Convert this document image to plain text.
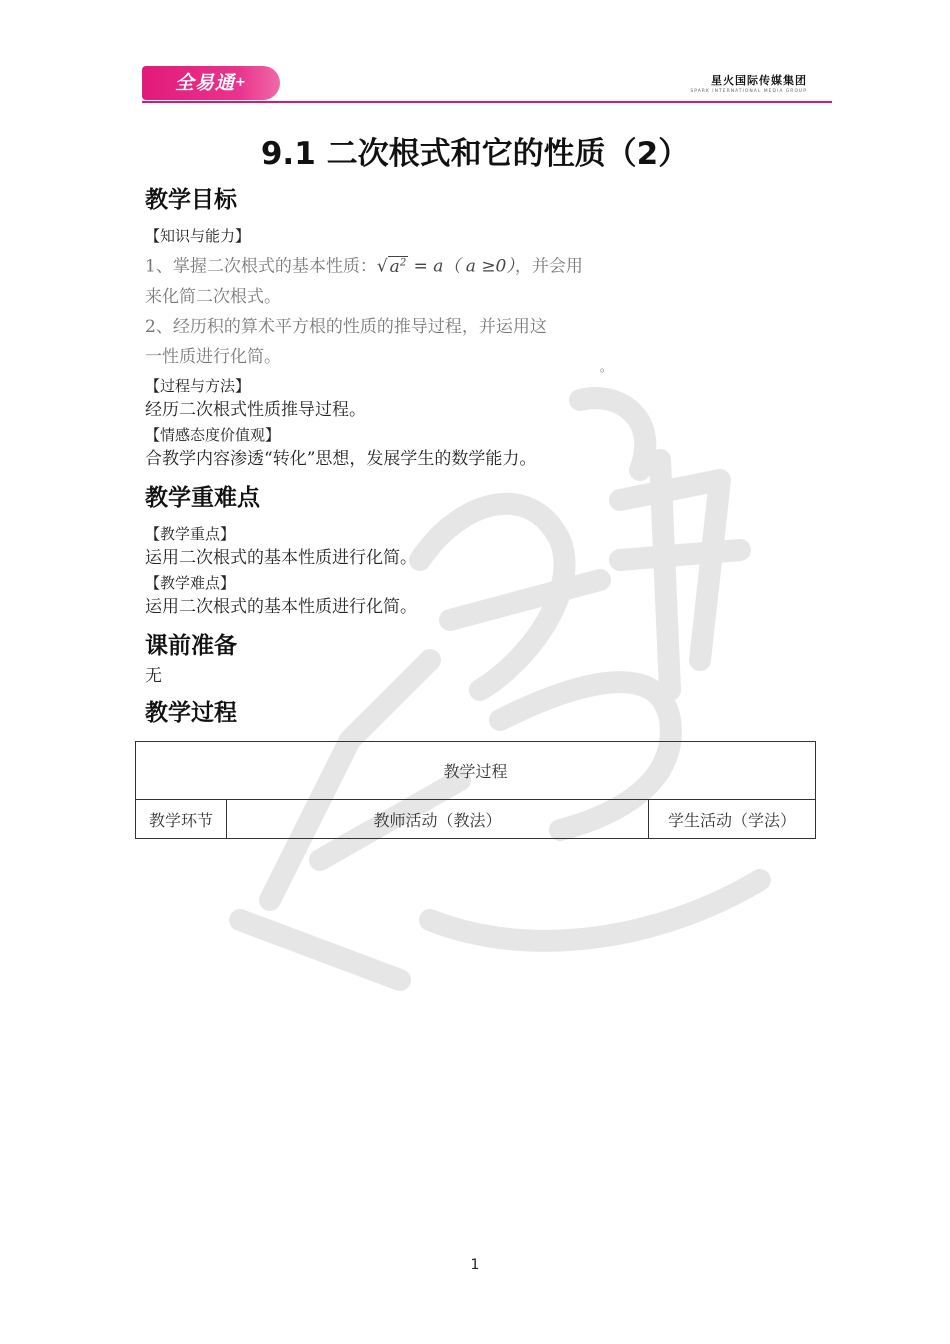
全易通+	星火国际传媒集团
SPARK INTERNATIONAL MEDIA GROUP
9.1 二次根式和它的性质（2）
教学目标
【知识与能力】
1、掌握二次根式的基本性质：√ $a^2 = a$（ a ≥0），并会用
来化简二次根式。
2、经历积的算术平方根的性质的推导过程，并运用这
一性质进行化简。
【过程与方法】
经历二次根式性质推导过程。
【情感态度价值观】
合教学内容渗透“转化”思想，发展学生的数学能力。
教学重难点
【教学重点】
运用二次根式的基本性质进行化简。
【教学难点】
运用二次根式的基本性质进行化简。
课前准备
无
教学过程
。
教学过程
教学环节	教师活动（教法）	学生活动（学法）
1
